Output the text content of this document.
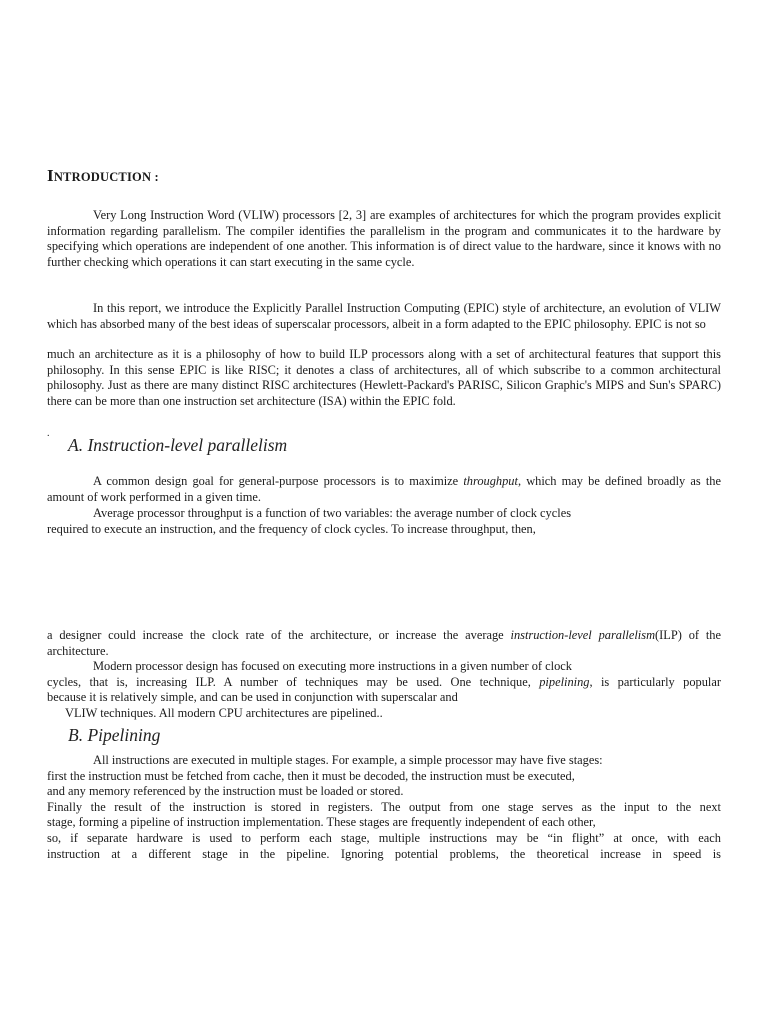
INTRODUCTION :
Very Long Instruction Word (VLIW) processors [2, 3] are examples of architectures for which the program provides explicit information regarding parallelism. The compiler identifies the parallelism in the program and communicates it to the hardware by specifying which operations are independent of one another. This information is of direct value to the hardware, since it knows with no further checking which operations it can start executing in the same cycle.
In this report, we introduce the Explicitly Parallel Instruction Computing (EPIC) style of architecture, an evolution of VLIW which has absorbed many of the best ideas of superscalar processors, albeit in a form adapted to the EPIC philosophy. EPIC is not so
much an architecture as it is a philosophy of how to build ILP processors along with a set of architectural features that support this philosophy. In this sense EPIC is like RISC; it denotes a class of architectures, all of which subscribe to a common architectural philosophy. Just as there are many distinct RISC architectures (Hewlett-Packard's PARISC, Silicon Graphic's MIPS and Sun's SPARC) there can be more than one instruction set architecture (ISA) within the EPIC fold.
.
A. Instruction-level parallelism
A common design goal for general-purpose processors is to maximize throughput, which may be defined broadly as the amount of work performed in a given time.
Average processor throughput is a function of two variables: the average number of clock cycles
required to execute an instruction, and the frequency of clock cycles. To increase throughput, then,
a designer could increase the clock rate of the architecture, or increase the average instruction-level parallelism(ILP) of the architecture.
Modern processor design has focused on executing more instructions in a given number of clock
cycles, that is, increasing ILP. A number of techniques may be used. One technique, pipelining, is particularly popular
because it is relatively simple, and can be used in conjunction with superscalar and
VLIW techniques. All modern CPU architectures are pipelined..
B. Pipelining
All instructions are executed in multiple stages. For example, a simple processor may have five stages:
first the instruction must be fetched from cache, then it must be decoded, the instruction must be executed,
and any memory referenced by the instruction must be loaded or stored.
Finally the result of the instruction is stored in registers. The output from one stage serves as the input to the next
stage, forming a pipeline of instruction implementation. These stages are frequently independent of each other,
so, if separate hardware is used to perform each stage, multiple instructions may be “in flight” at once, with each
instruction at a different stage in the pipeline. Ignoring potential problems, the theoretical increase in speed is
